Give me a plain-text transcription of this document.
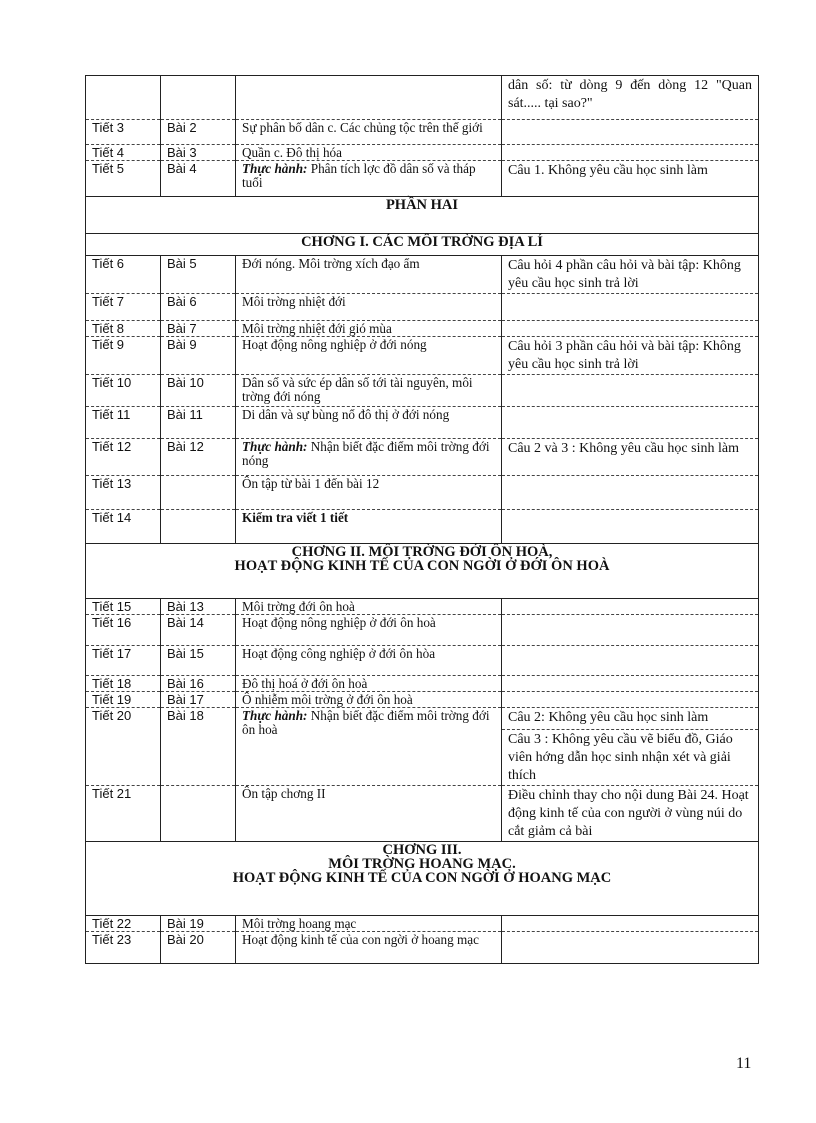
			dân số: từ dòng 9 đến dòng 12 "Quan sát..... tại sao?"
Tiết 3	Bài 2	Sự phân bố dân c. Các chủng tộc trên thế giới	
Tiết 4	Bài 3	Quần c. Đô thị hóa	
Tiết 5	Bài 4	Thực hành: Phân tích lợc đồ dân số và tháp tuổi	Câu 1. Không yêu cầu học sinh làm

PHẦN HAI			

CHƠNG I. CÁC MÔI TRỜNG ĐỊA LÍ			

Tiết 6	Bài 5	Đới nóng. Môi trờng xích đạo ẩm	Câu hỏi 4 phần câu hỏi và bài tập: Không yêu cầu học sinh trả lời
Tiết 7	Bài 6	Môi trờng nhiệt đới	
Tiết 8	Bài 7	Môi trờng nhiệt đới gió mùa	
Tiết 9	Bài 9	Hoạt động nông nghiệp ở đới nóng	Câu hỏi 3 phần câu hỏi và bài tập: Không yêu cầu học sinh trả lời
Tiết 10	Bài 10	Dân số và sức ép dân số tới tài nguyên, môi trờng đới nóng	
Tiết 11	Bài 11	Di dân và sự bùng nổ đô thị ở đới nóng	
Tiết 12	Bài 12	Thực hành: Nhận biết đặc điểm môi trờng đới nóng	Câu 2 và 3 : Không yêu cầu học sinh làm
Tiết 13		Ôn tập từ bài 1 đến bài 12	
Tiết 14		Kiểm tra viết 1 tiết	

CHƠNG II. MÔI TRỜNG ĐỚI ÔN HOÀ,
HOẠT ĐỘNG KINH TẾ CỦA CON NGỜI Ở ĐỚI ÔN HOÀ			

Tiết 15	Bài 13	Môi trờng đới ôn hoà	
Tiết 16	Bài 14	Hoạt động nông nghiệp ở đới ôn hoà	
Tiết 17	Bài 15	Hoạt động công nghiệp ở đới ôn hòa	
Tiết 18	Bài 16	Đô thị hoá ở đới ôn hoà	
Tiết 19	Bài 17	Ô nhiễm môi trờng ở đới ôn hoà	
Tiết 20	Bài 18	Thực hành: Nhận biết đặc điểm môi trờng đới ôn hoà	Câu 2: Không yêu cầu học sinh làm
Câu 3 : Không yêu cầu vẽ biểu đồ, Giáo viên hớng dẫn học sinh nhận xét và giải thích

Tiết 21		Ôn tập chơng II	Điều chỉnh thay cho nội dung Bài 24. Hoạt động kinh tế của con người ở vùng núi do cắt giảm cả bài

CHƠNG III.
MÔI TRỜNG HOANG MẠC.
HOẠT ĐỘNG KINH TẾ CỦA CON NGỜI Ở HOANG MẠC			

Tiết 22	Bài 19	Môi trờng hoang mạc	
Tiết 23	Bài 20	Hoạt động kinh tế của con ngời ở hoang mạc	
11
